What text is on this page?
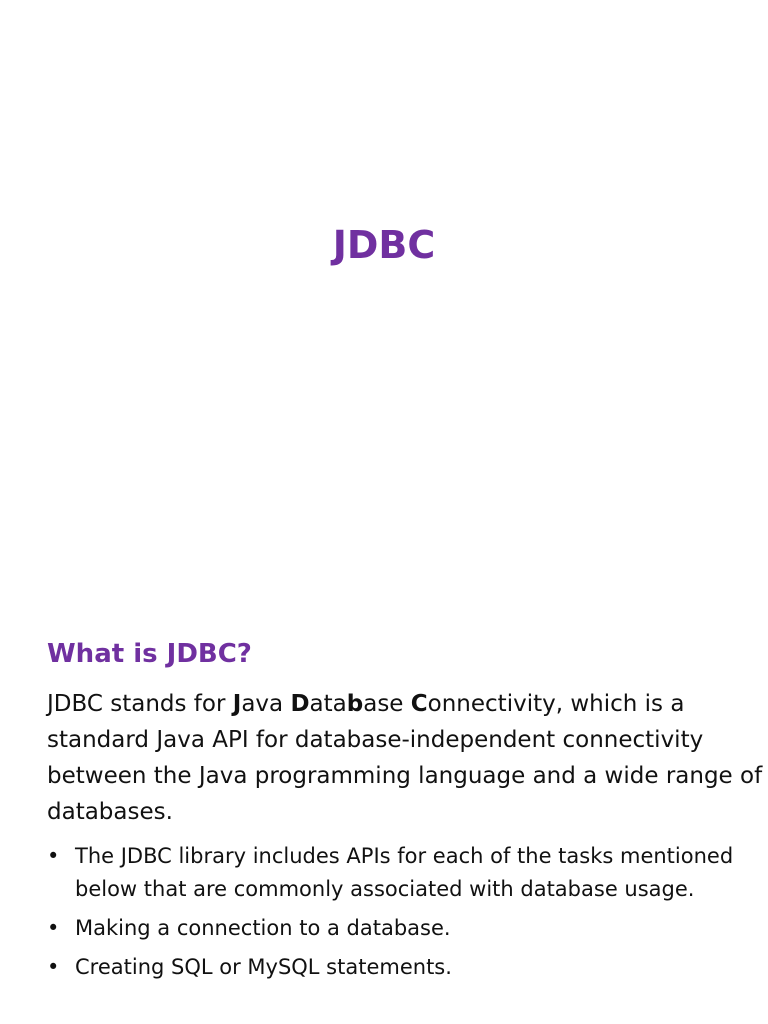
JDBC
What is JDBC?

JDBC stands for Java Database Connectivity, which is a standard Java API for database-independent connectivity between the Java programming language and a wide range of databases.

• The JDBC library includes APIs for each of the tasks mentioned below that are commonly associated with database usage.
• Making a connection to a database.
• Creating SQL or MySQL statements.
